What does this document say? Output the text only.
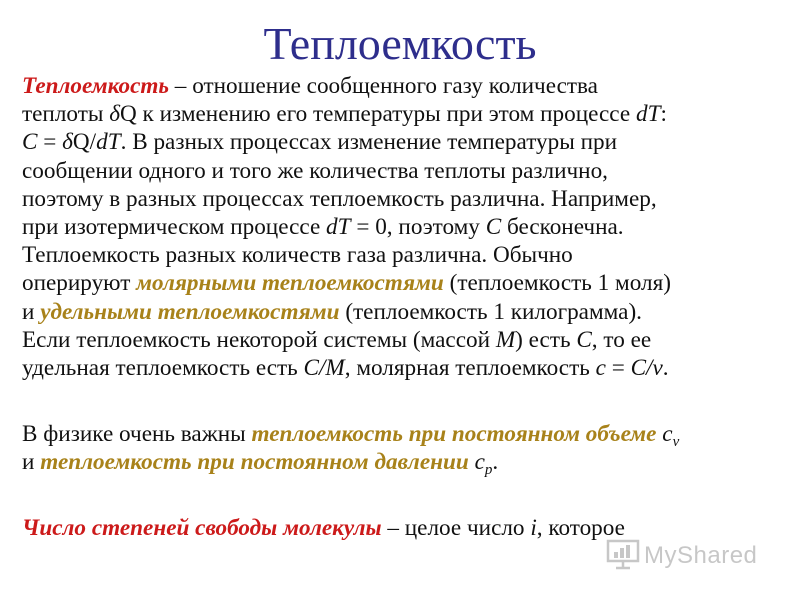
Теплоемкость
Теплоемкость – отношение сообщенного газу количества
теплоты δQ к изменению его температуры при этом процессе dT:
C = δQ/dT. В разных процессах изменение температуры при
сообщении одного и того же количества теплоты различно,
поэтому в разных процессах теплоемкость различна. Например,
при изотермическом процессе dT = 0, поэтому C бесконечна.
Теплоемкость разных количеств газа различна. Обычно
оперируют молярными теплоемкостями (теплоемкость 1 моля)
и удельными теплоемкостями (теплоемкость 1 килограмма).
Если теплоемкость некоторой системы (массой M) есть C, то ее
удельная теплоемкость есть C/M, молярная теплоемкость c = C/ν.
В физике очень важны теплоемкость при постоянном объеме $c_v$
и теплоемкость при постоянном давлении $c_p$.
Число степеней свободы молекулы – целое число i, которое
MyShared
